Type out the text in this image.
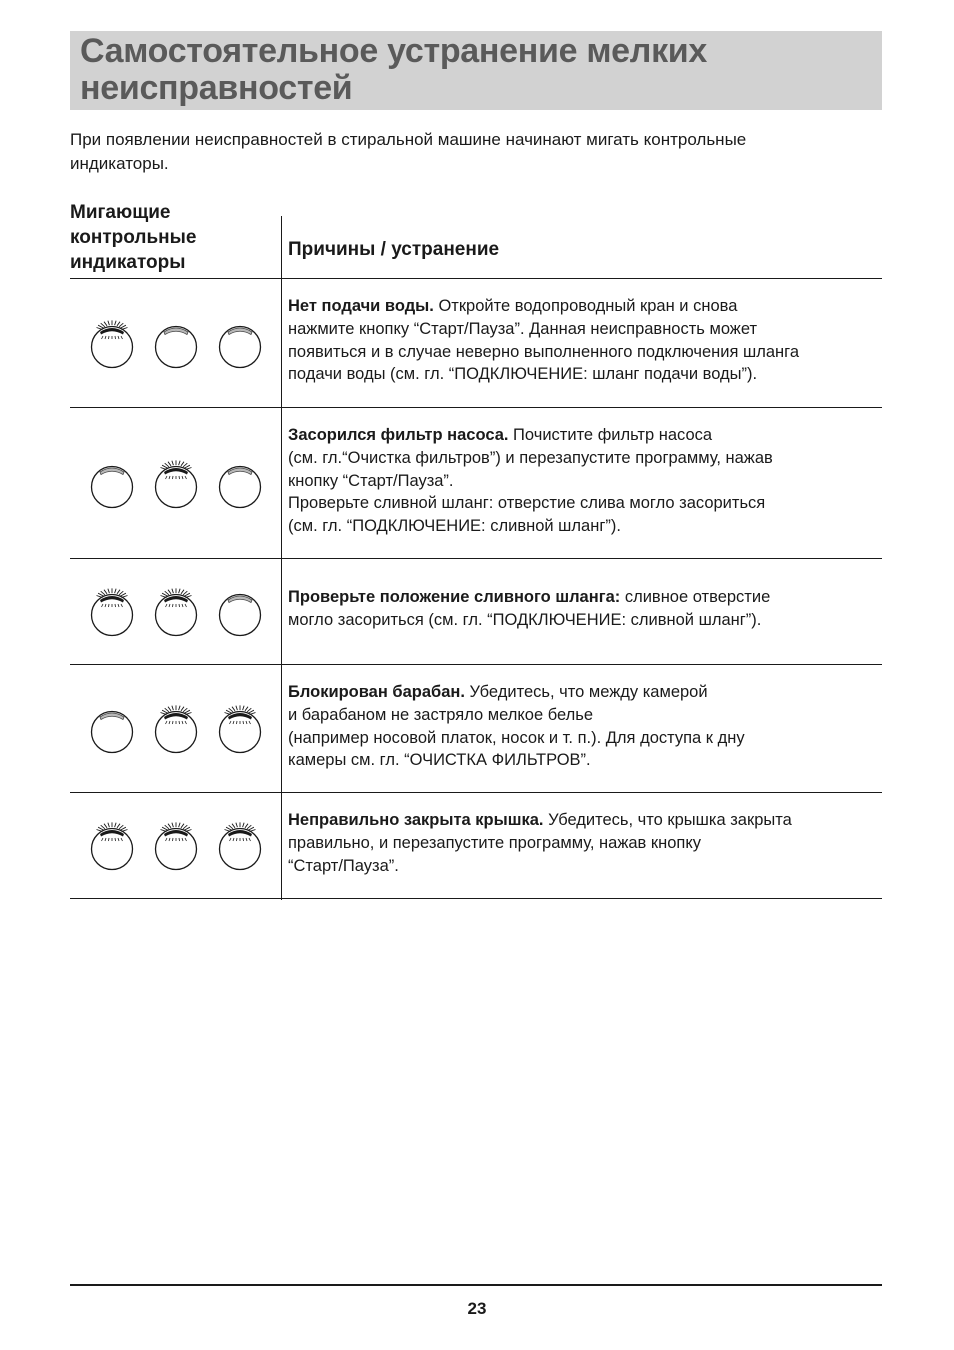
Самостоятельное устранение мелких
неисправностей
При появлении неисправностей в стиральной машине начинают мигать контрольные
индикаторы.
Мигающие
контрольные
индикаторы
Причины / устранение
Нет подачи воды. Откройте водопроводный кран и снова
нажмите кнопку “Старт/Пауза”. Данная неисправность может
появиться и в случае неверно выполненного подключения шланга
подачи воды (см. гл. “ПОДКЛЮЧЕНИЕ: шланг подачи воды”).
Засорился фильтр насоса. Почистите фильтр насоса
(см. гл.“Очистка фильтров”) и перезапустите программу, нажав
кнопку “Старт/Пауза”.
Проверьте сливной шланг: отверстие слива могло засориться
(см. гл. “ПОДКЛЮЧЕНИЕ: сливной шланг”).
Проверьте положение сливного шланга: сливное отверстие
могло засориться (см. гл. “ПОДКЛЮЧЕНИЕ: сливной шланг”).
Блокирован барабан. Убедитесь, что между камерой
и барабаном не застряло мелкое белье
(например носовой платок, носок и т. п.). Для доступа к дну
камеры см. гл. “ОЧИСТКА ФИЛЬТРОВ”.
Неправильно закрыта крышка. Убедитесь, что крышка закрыта
правильно, и перезапустите программу, нажав кнопку
“Старт/Пауза”.
23
